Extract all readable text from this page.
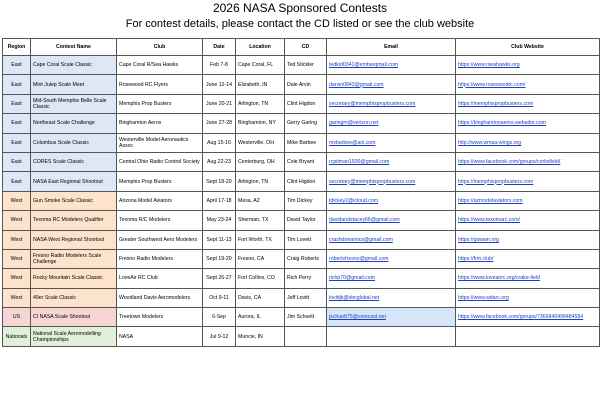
2026 NASA Sponsored Contests
For contest details, please contact the CD listed or see the club website
Region	Contest Name	Club	Date	Location	CD	Email	Club Website
East	Cape Coral Scale Classic	Cape Coral R/Sea Hawks	Feb 7-8	Cape Coral, FL	Ted Stickler	tedkid0341@embarqmail.com	https://www.rseahawks.org
East	Mint Julep Scale Meet	Rosewood RC Flyers	June 12-14	Elizabeth, IN	Dale Arvin	darvin0843@gmail.com	https://www.rosewoodrc.com/
East	Mid-South Memphis Belle Scale Classic	Memphis Prop Busters	June 20-21	Arlington, TN	Clint Higdon	secretary@memphispropbusters.com	https://memphispropbusters.com
East	Northeast Scale Challenge	Binghamton Aeros	June 27-28	Binghamton, NY	Gerry Garing	garingm@verizon.net	https://binghamtonaeros.webador.com
East	Columbus Scale Classic	Westerville Model Aeronautics Assoc	Aug 15-16	Westerville, OH	Mike Barbee	mvbarbee@aol.com	http://www.wmaa-wings.org
East	CORES Scale Classic	Central Ohio Radio Control Society	Aug 22-23	Centerburg, OH	Cole Bryant	rcpitman1500@gmail.com	https://www.facebook.com/groups/corksfield/
East	NASA East Regional Shootout	Memphis Prop Busters	Sept 18-20	Arlington, TN	Clint Higdon	secretary@memphispropbusters.com	https://memphispropbusters.com
West	Gun Smoke Scale Classic	Arizona Model Aviators	April 17-18	Mesa, AZ	Tim Dickey	tdickey2@icloud.com	https://azmodelaviators.com
West	Texoma RC Modelers Qualifier	Texoma R/C Modelers	May 23-24	Sherman, TX	David Taylor	davidandstacey66@gmail.com	https://www.texomarc.com/
West	NASA West Regional Shootout	Greater Southwest Aero Modelers	Sept 11-13	Fort Worth, TX	Tim Lovett	crashdonamics@gmail.com	https://gswam.org
West	Fresno Radio Modelers Scale Challenge	Fresno Radio Modelers	Sept 19-20	Fresno, CA	Craig Roberts	robertsfresno@gmail.com	https://frm.club/
West	Rocky Mountain Scale Classic	LoveAir RC Club	Sept 26-27	Fort Collins, CO	Rich Perry	richp70@gmail.com	https://www.loveairrc.org/crake-field
West	49er Scale Classic	Woodland Davis Aeromodelers	Oct 9-11	Davis, CA	Jeff Lovitt	lovittjk@sbcglobal.net	https://www.wdarc.org
US	CI NASA Scale Shootout	Treetown Modelers	6-Sep	Aurora, IL	Jim Schuett	jschuett75@comcast.net	https://www.facebook.com/groups/7366840498484584
Nationals	National Scale Aeromodelling Championships	NASA	Jul 9-12	Muncie, IN			
